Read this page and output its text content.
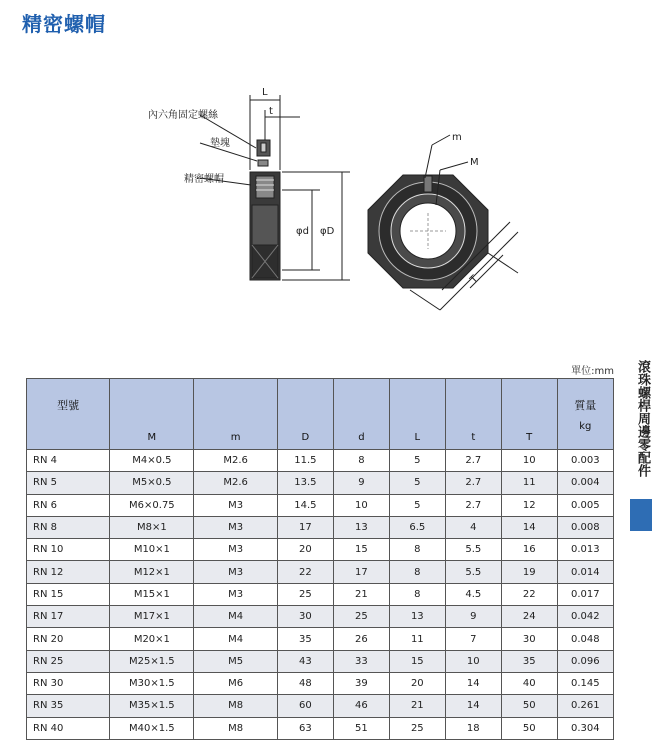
精密螺帽
內六角固定螺絲
墊塊
精密螺帽
L
t
φd φD
m
M
T
單位:mm	滾珠螺桿周邊零配件
型號	M	m	D	d	L	t	T	質量
kg
RN 4	M4×0.5	M2.6	11.5	8	5	2.7	10	0.003
RN 5	M5×0.5	M2.6	13.5	9	5	2.7	11	0.004
RN 6	M6×0.75	M3	14.5	10	5	2.7	12	0.005
RN 8	M8×1	M3	17	13	6.5	4	14	0.008
RN 10	M10×1	M3	20	15	8	5.5	16	0.013
RN 12	M12×1	M3	22	17	8	5.5	19	0.014
RN 15	M15×1	M3	25	21	8	4.5	22	0.017
RN 17	M17×1	M4	30	25	13	9	24	0.042
RN 20	M20×1	M4	35	26	11	7	30	0.048
RN 25	M25×1.5	M5	43	33	15	10	35	0.096
RN 30	M30×1.5	M6	48	39	20	14	40	0.145
RN 35	M35×1.5	M8	60	46	21	14	50	0.261
RN 40	M40×1.5	M8	63	51	25	18	50	0.304
